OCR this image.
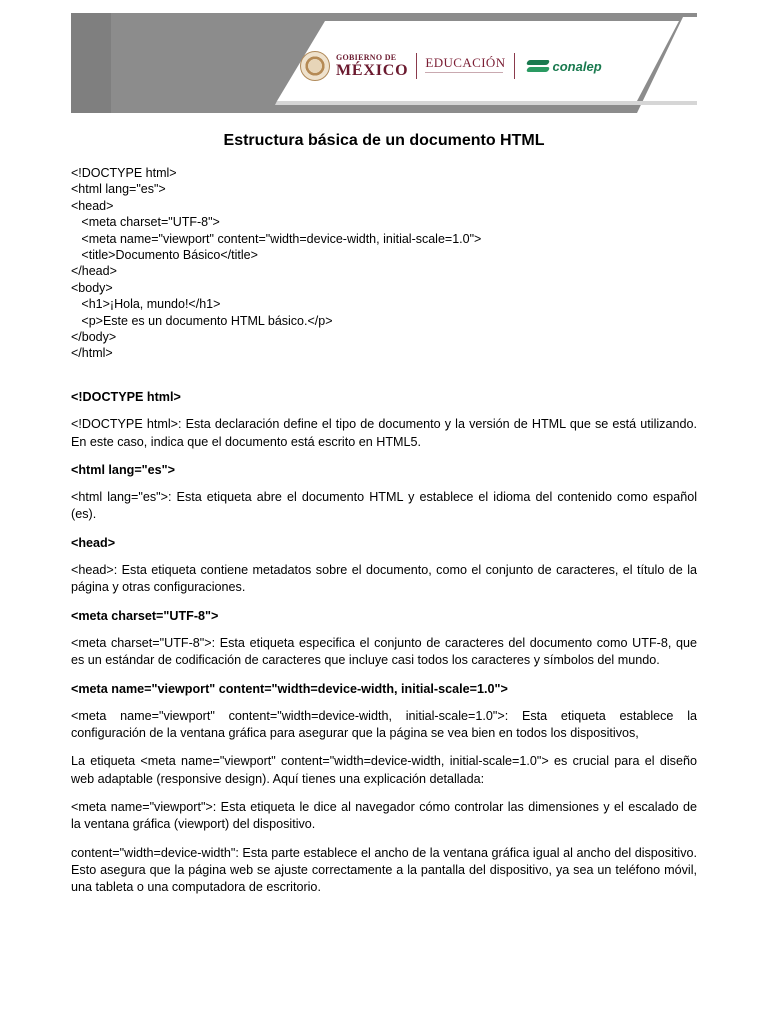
GOBIERNO DE
MÉXICO EDUCACIÓN	conalep
Estructura básica de un documento HTML
<!DOCTYPE html>
<html lang="es">
<head>
<meta charset="UTF-8">
<meta name="viewport" content="width=device-width, initial-scale=1.0">
<title>Documento Básico</title>
</head>
<body>
<h1>¡Hola, mundo!</h1>
<p>Este es un documento HTML básico.</p>
</body>
</html>

<!DOCTYPE html>

<!DOCTYPE html>: Esta declaración define el tipo de documento y la versión de HTML que se está utilizando. En este caso, indica que el documento está escrito en HTML5.

<html lang="es">

<html lang="es">: Esta etiqueta abre el documento HTML y establece el idioma del contenido como español (es).

<head>

<head>: Esta etiqueta contiene metadatos sobre el documento, como el conjunto de caracteres, el título de la página y otras configuraciones.

<meta charset="UTF-8">

<meta charset="UTF-8">: Esta etiqueta especifica el conjunto de caracteres del documento como UTF-8, que es un estándar de codificación de caracteres que incluye casi todos los caracteres y símbolos del mundo.

<meta name="viewport" content="width=device-width, initial-scale=1.0">

<meta name="viewport" content="width=device-width, initial-scale=1.0">: Esta etiqueta establece la configuración de la ventana gráfica para asegurar que la página se vea bien en todos los dispositivos,

La etiqueta <meta name="viewport" content="width=device-width, initial-scale=1.0"> es crucial para el diseño web adaptable (responsive design). Aquí tienes una explicación detallada:

<meta name="viewport">: Esta etiqueta le dice al navegador cómo controlar las dimensiones y el escalado de la ventana gráfica (viewport) del dispositivo.

content="width=device-width": Esta parte establece el ancho de la ventana gráfica igual al ancho del dispositivo. Esto asegura que la página web se ajuste correctamente a la pantalla del dispositivo, ya sea un teléfono móvil, una tableta o una computadora de escritorio.
